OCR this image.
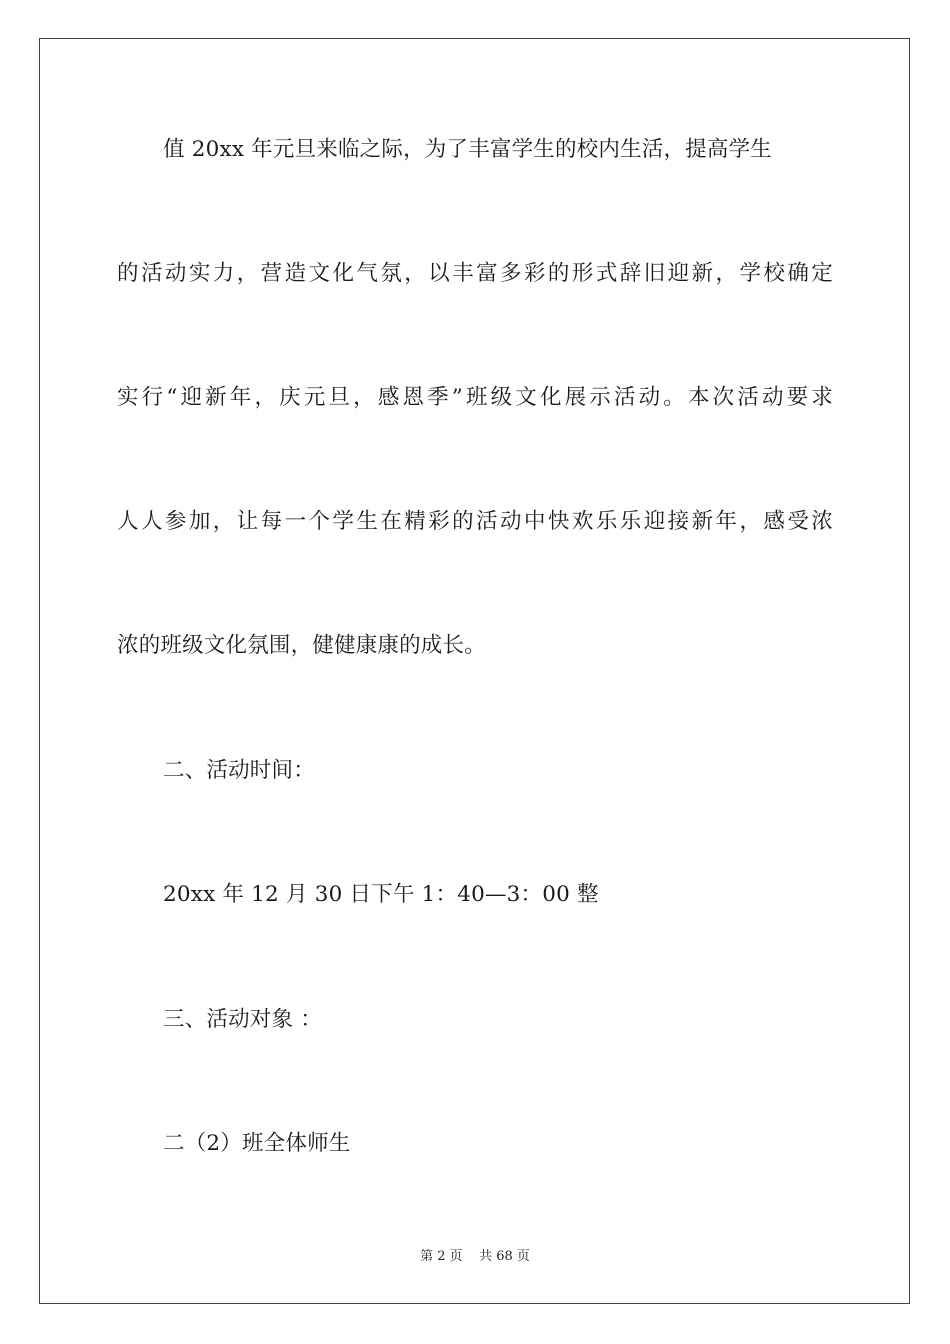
值 20xx 年元旦来临之际，为了丰富学生的校内生活，提高学生
的活动实力，营造文化气氛，以丰富多彩的形式辞旧迎新，学校确定
实行“迎新年，庆元旦，感恩季”班级文化展示活动。本次活动要求
人人参加，让每一个学生在精彩的活动中快欢乐乐迎接新年，感受浓
浓的班级文化氛围，健健康康的成长。
二、活动时间：
20xx 年 12 月 30 日下午 1：40—3：00 整
三、活动对象 ：
二（2）班全体师生
第 2 页    共 68 页
